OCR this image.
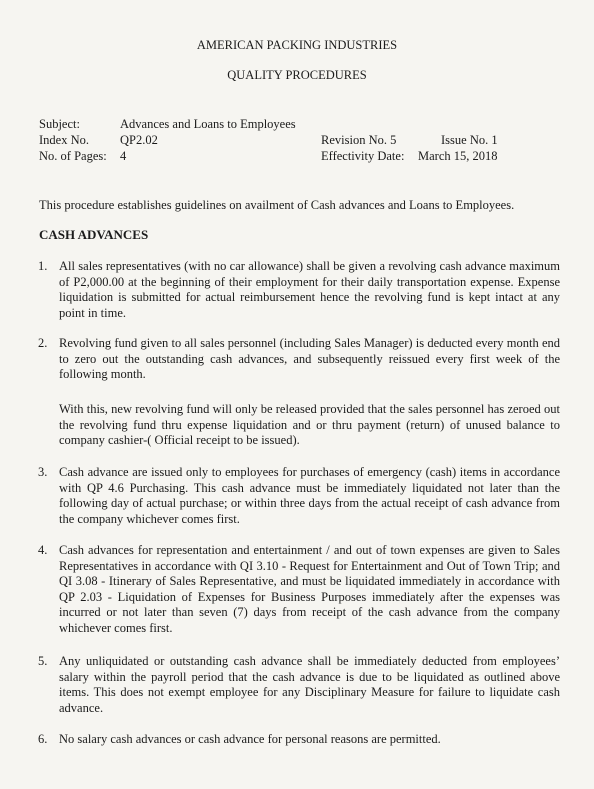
AMERICAN PACKING INDUSTRIES
QUALITY PROCEDURES
Subject:	Advances and Loans to Employees
Index No. QP2.02
No. of Pages: 4
Revision No. 5	Issue No. 1
Effectivity Date: March 15, 2018
This procedure establishes guidelines on availment of Cash advances and Loans to Employees.
CASH ADVANCES
1. All sales representatives (with no car allowance) shall be given a revolving cash advance maximum of P2,000.00 at the beginning of their employment for their daily transportation expense. Expense liquidation is submitted for actual reimbursement hence the revolving fund is kept intact at any point in time.
2. Revolving fund given to all sales personnel (including Sales Manager) is deducted every month end to zero out the outstanding cash advances, and subsequently reissued every first week of the following month.
With this, new revolving fund will only be released provided that the sales personnel has zeroed out the revolving fund thru expense liquidation and or thru payment (return) of unused balance to company cashier-( Official receipt to be issued).
3. Cash advance are issued only to employees for purchases of emergency (cash) items in accordance with QP 4.6 Purchasing. This cash advance must be immediately liquidated not later than the following day of actual purchase; or within three days from the actual receipt of cash advance from the company whichever comes first.
4. Cash advances for representation and entertainment / and out of town expenses are given to Sales Representatives in accordance with QI 3.10 - Request for Entertainment and Out of Town Trip; and QI 3.08 - Itinerary of Sales Representative, and must be liquidated immediately in accordance with QP 2.03 - Liquidation of Expenses for Business Purposes immediately after the expenses was incurred or not later than seven (7) days from receipt of the cash advance from the company whichever comes first.
5. Any unliquidated or outstanding cash advance shall be immediately deducted from employees’ salary within the payroll period that the cash advance is due to be liquidated as outlined above items. This does not exempt employee for any Disciplinary Measure for failure to liquidate cash advance.
6. No salary cash advances or cash advance for personal reasons are permitted.
